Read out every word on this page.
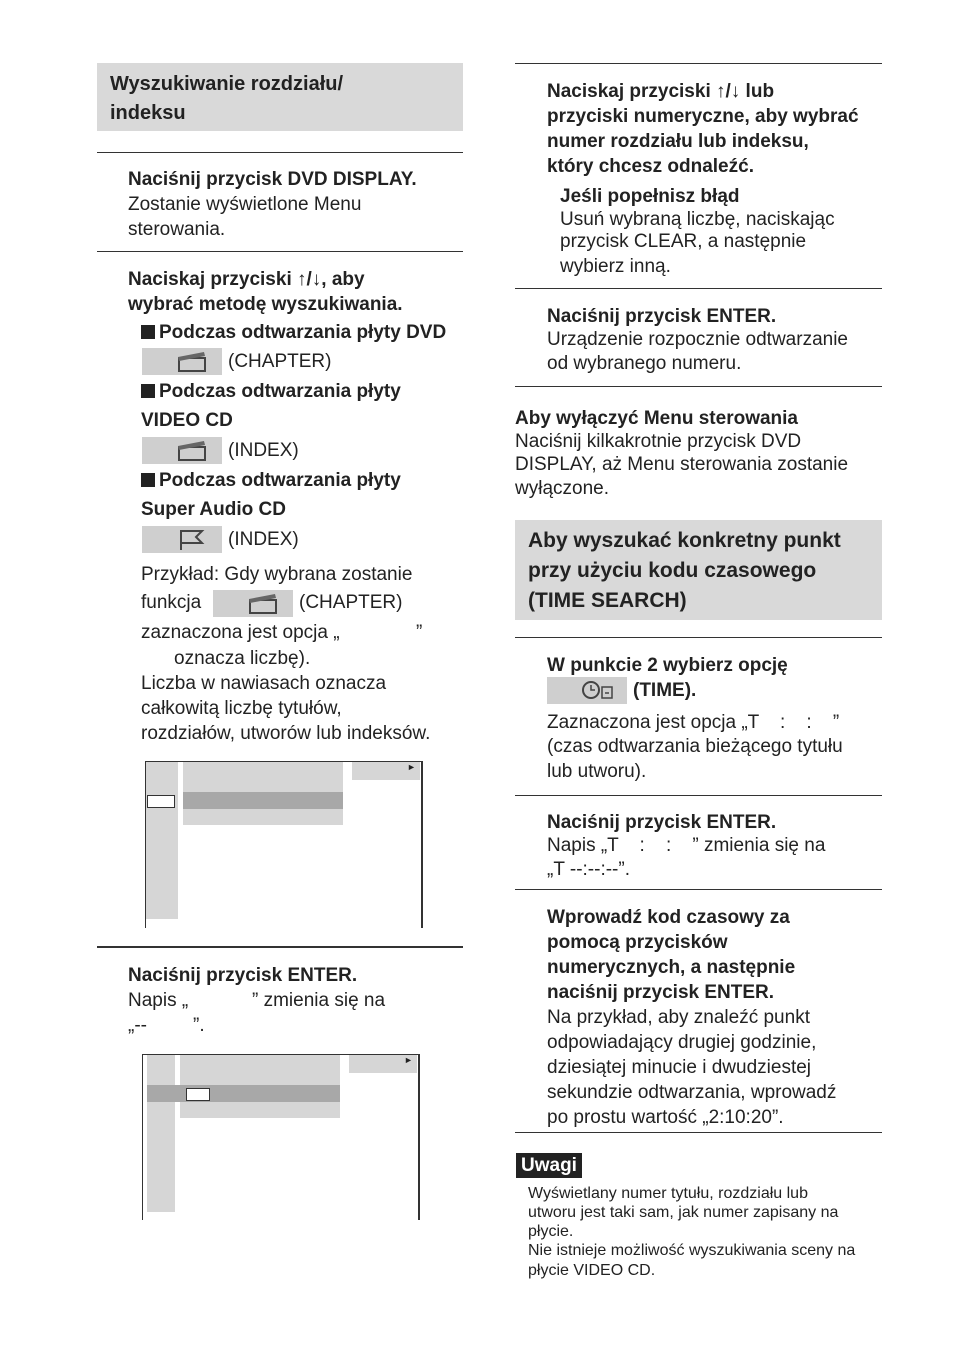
Wyszukiwanie rozdziału/
indeksu
Naciśnij przycisk DVD DISPLAY.
Zostanie wyświetlone Menu
sterowania.
Naciskaj przyciski ↑/↓, aby
wybrać metodę wyszukiwania.
Podczas odtwarzania płyty DVD
(CHAPTER)
Podczas odtwarzania płyty
VIDEO CD
(INDEX)
Podczas odtwarzania płyty
Super Audio CD
(INDEX)
Przykład: Gdy wybrana zostanie
funkcja	(CHAPTER)
zaznaczona jest opcja „	”
oznacza liczbę).
Liczba w nawiasach oznacza
całkowitą liczbę tytułów,
rozdziałów, utworów lub indeksów.
►
Naciśnij przycisk ENTER.
Napis „	” zmienia się na
„-- ”.
►
Naciskaj przyciski ↑/↓ lub
przyciski numeryczne, aby wybrać
numer rozdziału lub indeksu,
który chcesz odnaleźć.
Jeśli popełnisz błąd
Usuń wybraną liczbę, naciskając
przycisk CLEAR, a następnie
wybierz inną.
Naciśnij przycisk ENTER.
Urządzenie rozpocznie odtwarzanie
od wybranego numeru.
Aby wyłączyć Menu sterowania
Naciśnij kilkakrotnie przycisk DVD
DISPLAY, aż Menu sterowania zostanie
wyłączone.
Aby wyszukać konkretny punkt
przy użyciu kodu czasowego
(TIME SEARCH)
W punkcie 2 wybierz opcję
(TIME).
Zaznaczona jest opcja „T    :    :    ”
(czas odtwarzania bieżącego tytułu
lub utworu).
Naciśnij przycisk ENTER.
Napis „T    :    :    ” zmienia się na
„T --:--:--”.
Wprowadź kod czasowy za
pomocą przycisków
numerycznych, a następnie
naciśnij przycisk ENTER.
Na przykład, aby znaleźć punkt
odpowiadający drugiej godzinie,
dziesiątej minucie i dwudziestej
sekundzie odtwarzania, wprowadź
po prostu wartość „2:10:20”.
Uwagi
Wyświetlany numer tytułu, rozdziału lub
utworu jest taki sam, jak numer zapisany na
płycie.
Nie istnieje możliwość wyszukiwania sceny na
płycie VIDEO CD.
